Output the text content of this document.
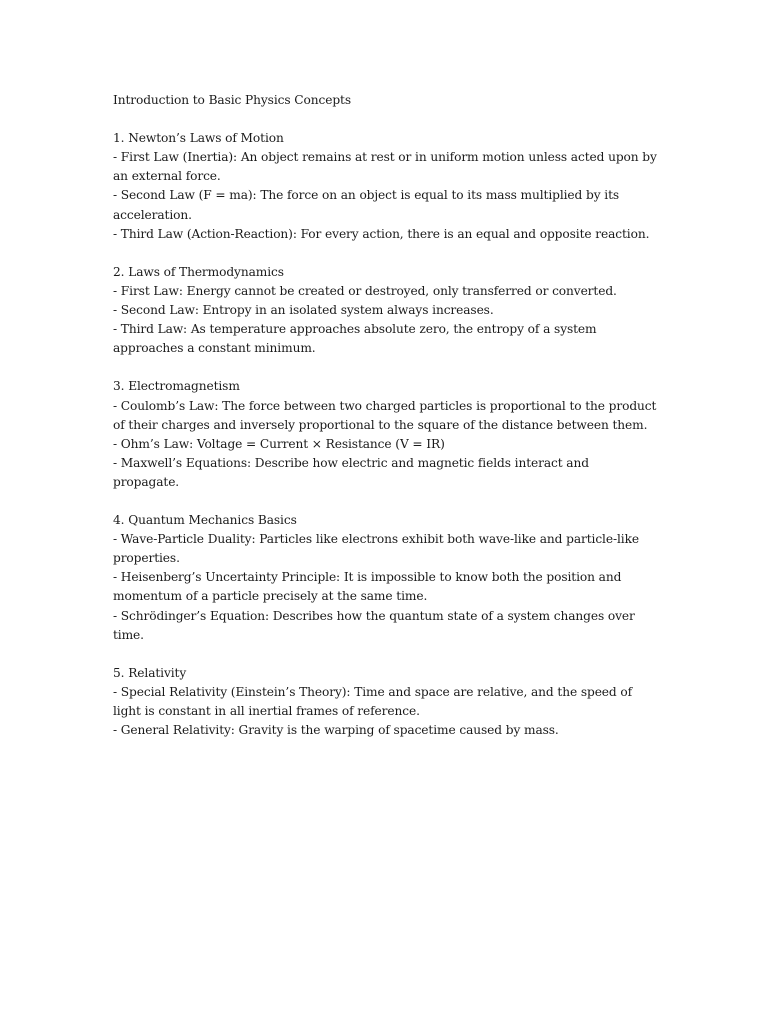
Introduction to Basic Physics Concepts
1. Newton’s Laws of Motion

- First Law (Inertia): An object remains at rest or in uniform motion unless acted upon by an external force.

- Second Law (F = ma): The force on an object is equal to its mass multiplied by its acceleration.

- Third Law (Action-Reaction): For every action, there is an equal and opposite reaction.

2. Laws of Thermodynamics

- First Law: Energy cannot be created or destroyed, only transferred or converted.

- Second Law: Entropy in an isolated system always increases.

- Third Law: As temperature approaches absolute zero, the entropy of a system approaches a constant minimum.

3. Electromagnetism

- Coulomb’s Law: The force between two charged particles is proportional to the product of their charges and inversely proportional to the square of the distance between them.

- Ohm’s Law: Voltage = Current × Resistance (V = IR)

- Maxwell’s Equations: Describe how electric and magnetic fields interact and propagate.

4. Quantum Mechanics Basics

- Wave-Particle Duality: Particles like electrons exhibit both wave-like and particle-like properties.

- Heisenberg’s Uncertainty Principle: It is impossible to know both the position and momentum of a particle precisely at the same time.

- Schrödinger’s Equation: Describes how the quantum state of a system changes over time.

5. Relativity

- Special Relativity (Einstein’s Theory): Time and space are relative, and the speed of light is constant in all inertial frames of reference.

- General Relativity: Gravity is the warping of spacetime caused by mass.
